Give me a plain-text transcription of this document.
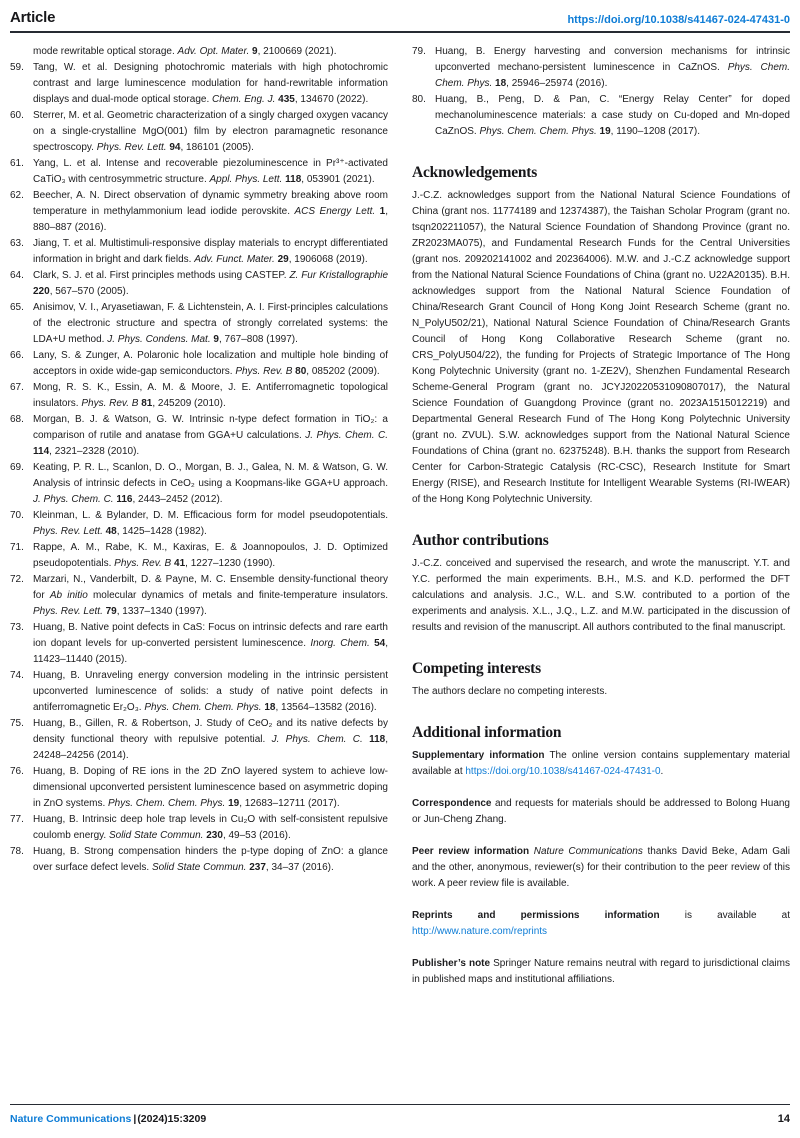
Article	https://doi.org/10.1038/s41467-024-47431-0
mode rewritable optical storage. Adv. Opt. Mater. 9, 2100669 (2021).
59. Tang, W. et al. Designing photochromic materials with high photochromic contrast and large luminescence modulation for hand-rewritable information displays and dual-mode optical storage. Chem. Eng. J. 435, 134670 (2022).
60. Sterrer, M. et al. Geometric characterization of a singly charged oxygen vacancy on a single-crystalline MgO(001) film by electron paramagnetic resonance spectroscopy. Phys. Rev. Lett. 94, 186101 (2005).
61. Yang, L. et al. Intense and recoverable piezoluminescence in Pr³⁺-activated CaTiO₃ with centrosymmetric structure. Appl. Phys. Lett. 118, 053901 (2021).
62. Beecher, A. N. Direct observation of dynamic symmetry breaking above room temperature in methylammonium lead iodide perovskite. ACS Energy Lett. 1, 880–887 (2016).
63. Jiang, T. et al. Multistimuli-responsive display materials to encrypt differentiated information in bright and dark fields. Adv. Funct. Mater. 29, 1906068 (2019).
64. Clark, S. J. et al. First principles methods using CASTEP. Z. Fur Kristallographie 220, 567–570 (2005).
65. Anisimov, V. I., Aryasetiawan, F. & Lichtenstein, A. I. First-principles calculations of the electronic structure and spectra of strongly correlated systems: the LDA+U method. J. Phys. Condens. Mat. 9, 767–808 (1997).
66. Lany, S. & Zunger, A. Polaronic hole localization and multiple hole binding of acceptors in oxide wide-gap semiconductors. Phys. Rev. B 80, 085202 (2009).
67. Mong, R. S. K., Essin, A. M. & Moore, J. E. Antiferromagnetic topological insulators. Phys. Rev. B 81, 245209 (2010).
68. Morgan, B. J. & Watson, G. W. Intrinsic n-type defect formation in TiO₂: a comparison of rutile and anatase from GGA+U calculations. J. Phys. Chem. C. 114, 2321–2328 (2010).
69. Keating, P. R. L., Scanlon, D. O., Morgan, B. J., Galea, N. M. & Watson, G. W. Analysis of intrinsic defects in CeO₂ using a Koopmans-like GGA+U approach. J. Phys. Chem. C. 116, 2443–2452 (2012).
70. Kleinman, L. & Bylander, D. M. Efficacious form for model pseudopotentials. Phys. Rev. Lett. 48, 1425–1428 (1982).
71. Rappe, A. M., Rabe, K. M., Kaxiras, E. & Joannopoulos, J. D. Optimized pseudopotentials. Phys. Rev. B 41, 1227–1230 (1990).
72. Marzari, N., Vanderbilt, D. & Payne, M. C. Ensemble density-functional theory for Ab initio molecular dynamics of metals and finite-temperature insulators. Phys. Rev. Lett. 79, 1337–1340 (1997).
73. Huang, B. Native point defects in CaS: Focus on intrinsic defects and rare earth ion dopant levels for up-converted persistent luminescence. Inorg. Chem. 54, 11423–11440 (2015).
74. Huang, B. Unraveling energy conversion modeling in the intrinsic persistent upconverted luminescence of solids: a study of native point defects in antiferromagnetic Er₂O₃. Phys. Chem. Chem. Phys. 18, 13564–13582 (2016).
75. Huang, B., Gillen, R. & Robertson, J. Study of CeO₂ and its native defects by density functional theory with repulsive potential. J. Phys. Chem. C. 118, 24248–24256 (2014).
76. Huang, B. Doping of RE ions in the 2D ZnO layered system to achieve low-dimensional upconverted persistent luminescence based on asymmetric doping in ZnO systems. Phys. Chem. Chem. Phys. 19, 12683–12711 (2017).
77. Huang, B. Intrinsic deep hole trap levels in Cu₂O with self-consistent repulsive coulomb energy. Solid State Commun. 230, 49–53 (2016).
78. Huang, B. Strong compensation hinders the p-type doping of ZnO: a glance over surface defect levels. Solid State Commun. 237, 34–37 (2016).
79. Huang, B. Energy harvesting and conversion mechanisms for intrinsic upconverted mechano-persistent luminescence in CaZnOS. Phys. Chem. Chem. Phys. 18, 25946–25974 (2016).
80. Huang, B., Peng, D. & Pan, C. “Energy Relay Center” for doped mechanoluminescence materials: a case study on Cu-doped and Mn-doped CaZnOS. Phys. Chem. Chem. Phys. 19, 1190–1208 (2017).
Acknowledgements

J.-C.Z. acknowledges support from the National Natural Science Foundations of China (grant nos. 11774189 and 12374387), the Taishan Scholar Program (grant no. tsqn202211057), the Natural Science Foundation of Shandong Province (grant no. ZR2023MA075), and Fundamental Research Funds for the Central Universities (grant nos. 209202141002 and 202364006). M.W. and J.-C.Z acknowledge support from the National Natural Science Foundations of China (grant no. U22A20135). B.H. acknowledges support from the National Natural Science Foundation of China/Research Grant Council of Hong Kong Joint Research Scheme (grant no. N_PolyU502/21), National Natural Science Foundation of China/Research Grants Council of Hong Kong Collaborative Research Scheme (grant no. CRS_PolyU504/22), the funding for Projects of Strategic Importance of The Hong Kong Polytechnic University (grant no. 1-ZE2V), Shenzhen Fundamental Research Scheme-General Program (grant no. JCYJ20220531090807017), the Natural Science Foundation of Guangdong Province (grant no. 2023A1515012219) and Departmental General Research Fund of The Hong Kong Polytechnic University (grant no. ZVUL). S.W. acknowledges support from the National Natural Science Foundations of China (grant no. 62375248). B.H. thanks the support from Research Center for Carbon-Strategic Catalysis (RC-CSC), Research Institute for Smart Energy (RISE), and Research Institute for Intelligent Wearable Systems (RI-IWEAR) of the Hong Kong Polytechnic University.

Author contributions

J.-C.Z. conceived and supervised the research, and wrote the manuscript. Y.T. and Y.C. performed the main experiments. B.H., M.S. and K.D. performed the DFT calculations and analysis. J.C., W.L. and S.W. contributed to a portion of the experiments and analysis. X.L., J.Q., L.Z. and M.W. participated in the discussion of results and revision of the manuscript. All authors contributed to the final manuscript.

Competing interests

The authors declare no competing interests.

Additional information

Supplementary information The online version contains supplementary material available at https://doi.org/10.1038/s41467-024-47431-0.

Correspondence and requests for materials should be addressed to Bolong Huang or Jun-Cheng Zhang.

Peer review information Nature Communications thanks David Beke, Adam Gali and the other, anonymous, reviewer(s) for their contribution to the peer review of this work. A peer review file is available.

Reprints and permissions information is available at http://www.nature.com/reprints

Publisher’s note Springer Nature remains neutral with regard to jurisdictional claims in published maps and institutional affiliations.

Nature Communications | (2024)15:3209	14
